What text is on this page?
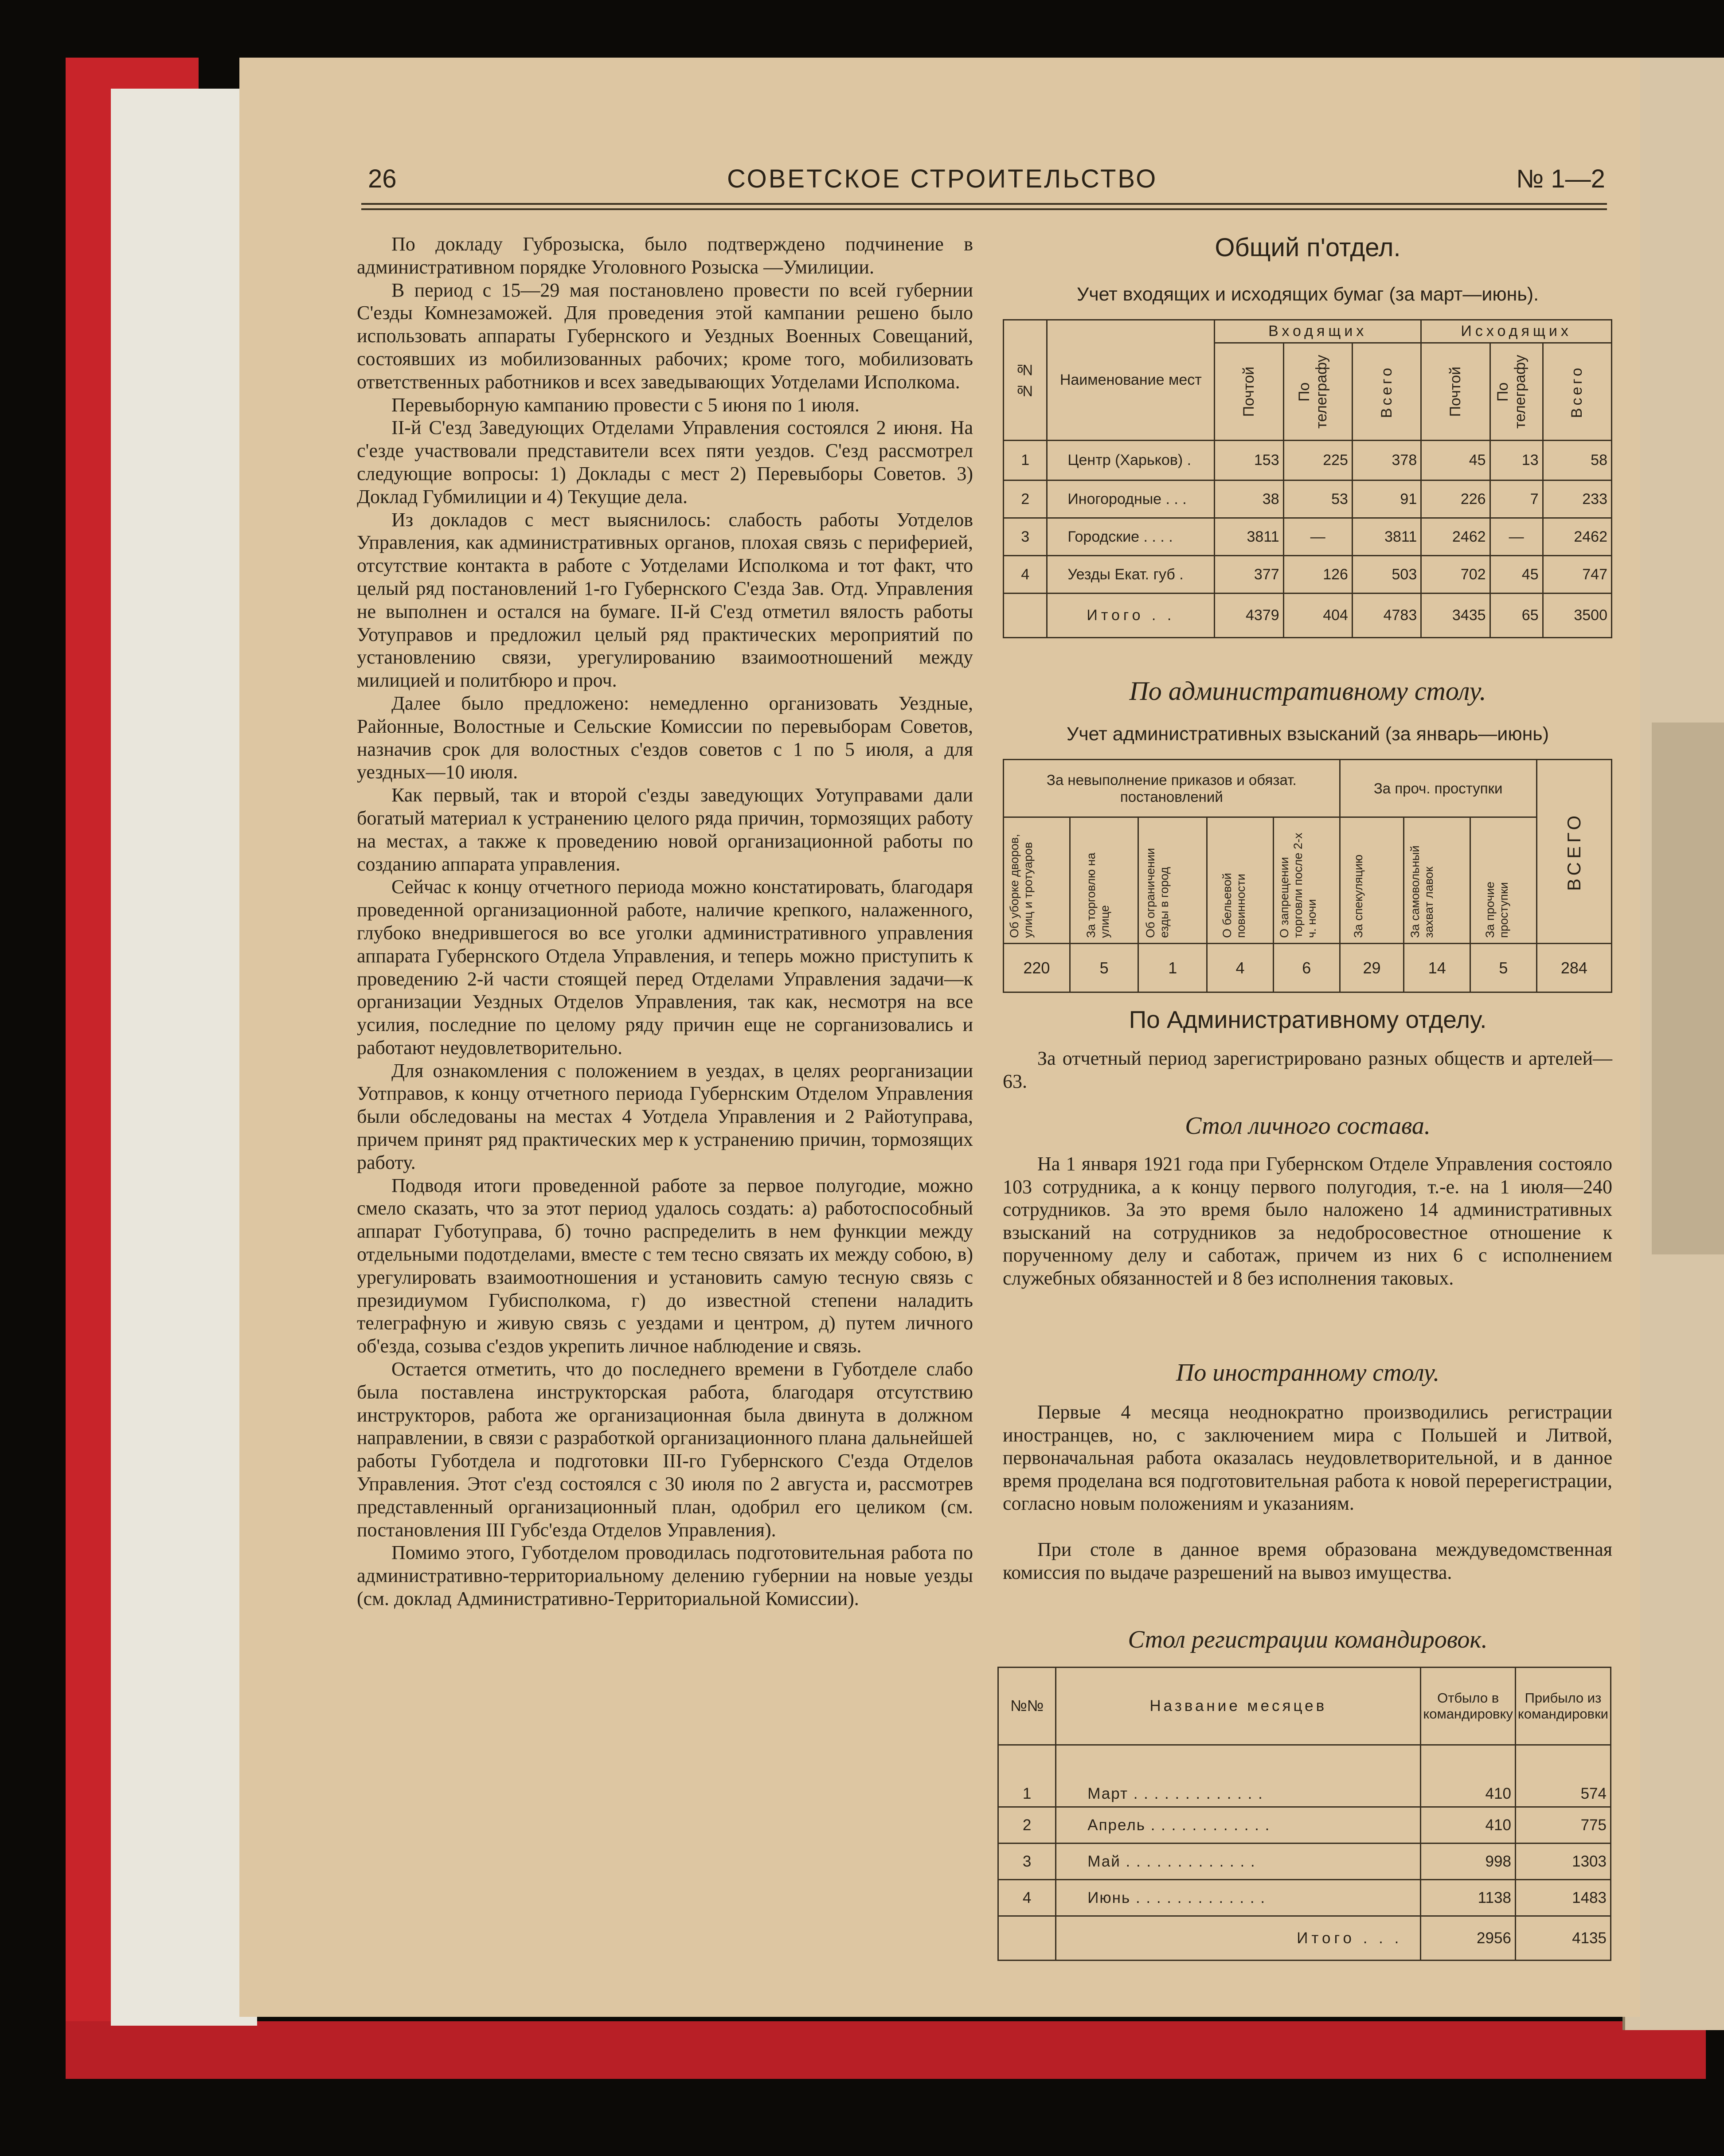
26	СОВЕТСКОЕ СТРОИТЕЛЬСТВО	№ 1—2

По докладу Губрозыска, было подтверждено подчинение в административном порядке Уголовного Розыска —Умилиции.

В период с 15—29 мая постановлено провести по всей губернии С'езды Комнезаможей. Для проведения этой кампании решено было использовать аппараты Губернского и Уездных Военных Совещаний, состоявших из мобилизованных рабочих; кроме того, мобилизовать ответственных работников и всех заведывающих Уотделами Исполкома.

Перевыборную кампанию провести с 5 июня по 1 июля.

II-й С'езд Заведующих Отделами Управления состоялся 2 июня. На с'езде участвовали представители всех пяти уездов. С'езд рассмотрел следующие вопросы: 1) Доклады с мест 2) Перевыборы Советов. 3) Доклад Губмилиции и 4) Текущие дела.

Из докладов с мест выяснилось: слабость работы Уотделов Управления, как административных органов, плохая связь с периферией, отсутствие контакта в работе с Уотделами Исполкома и тот факт, что целый ряд постановлений 1-го Губернского С'езда Зав. Отд. Управления не выполнен и остался на бумаге. II-й С'езд отметил вялость работы Уотуправов и предложил целый ряд практических мероприятий по установлению связи, урегулированию взаимоотношений между милицией и политбюро и проч.

Далее было предложено: немедленно организовать Уездные, Районные, Волостные и Сельские Комиссии по перевыборам Советов, назначив срок для волостных с'ездов советов с 1 по 5 июля, а для уездных—10 июля.

Как первый, так и второй с'езды заведующих Уотуправами дали богатый материал к устранению целого ряда причин, тормозящих работу на местах, а также к проведению новой организационной работы по созданию аппарата управления.

Сейчас к концу отчетного периода можно констатировать, благодаря проведенной организационной работе, наличие крепкого, налаженного, глубоко внедрившегося во все уголки административного управления аппарата Губернского Отдела Управления, и теперь можно приступить к проведению 2-й части стоящей перед Отделами Управления задачи—к организации Уездных Отделов Управления, так как, несмотря на все усилия, последние по целому ряду причин еще не сорганизовались и работают неудовлетворительно.

Для ознакомления с положением в уездах, в целях реорганизации Уотправов, к концу отчетного периода Губернским Отделом Управления были обследованы на местах 4 Уотдела Управления и 2 Райотуправа, причем принят ряд практических мер к устранению причин, тормозящих работу.

Подводя итоги проведенной работе за первое полугодие, можно смело сказать, что за этот период удалось создать: а) работоспособный аппарат Губотуправа, б) точно распределить в нем функции между отдельными подотделами, вместе с тем тесно связать их между собою, в) урегулировать взаимоотношения и установить самую тесную связь с президиумом Губисполкома, г) до известной степени наладить телеграфную и живую связь с уездами и центром, д) путем личного об'езда, созыва с'ездов укрепить личное наблюдение и связь.

Остается отметить, что до последнего времени в Губотделе слабо была поставлена инструкторская работа, благодаря отсутствию инструкторов, работа же организационная была двинута в должном направлении, в связи с разработкой организационного плана дальнейшей работы Губотдела и подготовки III-го Губернского С'езда Отделов Управления. Этот с'езд состоялся с 30 июля по 2 августа и, рассмотрев представленный организационный план, одобрил его целиком (см. постановления III Губс'езда Отделов Управления).

Помимо этого, Губотделом проводилась подготовительная работа по административно-территориальному делению губернии на новые уезды (см. доклад Административно-Территориальной Комиссии).

Общий п'отдел.
Учет входящих и исходящих бумаг (за март—июнь).
№ №	Наименование мест	Входящих			Исходящих		

		Почтой	По телеграфу	Всего	Почтой	По телеграфу	Всего

1	Центр (Харьков) .	153	225	378	45	13	58
2	Иногородные . . .	38	53	91	226	7	233
3	Городские . . . .	3811	—	3811	2462	—	2462
4	Уезды Екат. губ .	377	126	503	702	45	747
	Итого . .	4379	404	4783	3435	65	3500
По административному столу.
Учет административных взысканий (за январь—июнь)
За невыполнение приказов и обязат. постановлений					За проч. проступки			ВСЕГО

Об уборке дворов, улиц и тротуаров	За торговлю на улице	Об ограничении езды в город	О бельевой повинности	О запрещении торговли после 2-х ч. ночи	За спекуляцию	За самовольный захват лавок	За прочие проступки	

220	5	1	4	6	29	14	5	284
По Административному отделу.

За отчетный период зарегистрировано разных обществ и артелей—63.

Стол личного состава.

На 1 января 1921 года при Губернском Отделе Управления состояло 103 сотрудника, а к концу первого полугодия, т.-е. на 1 июля—240 сотрудников. За это время было наложено 14 административных взысканий на сотрудников за недобросовестное отношение к порученному делу и саботаж, причем из них 6 с исполнением служебных обязанностей и 8 без исполнения таковых.

По иностранному столу.

Первые 4 месяца неоднократно производились регистрации иностранцев, но, с заключением мира с Польшей и Литвой, первоначальная работа оказалась неудовлетворительной, и в данное время проделана вся подготовительная работа к новой перерегистрации, согласно новым положениям и указаниям.

При столе в данное время образована междуведомственная комиссия по выдаче разрешений на вывоз имущества.

Стол регистрации командировок.
№№	Название месяцев	Отбыло в командировку	Прибыло из командировки
1	Март . . . . . . . . . . . . .	410	574
2	Апрель . . . . . . . . . . . .	410	775
3	Май . . . . . . . . . . . . .	998	1303
4	Июнь . . . . . . . . . . . . .	1138	1483
	Итого . . .	2956	4135
